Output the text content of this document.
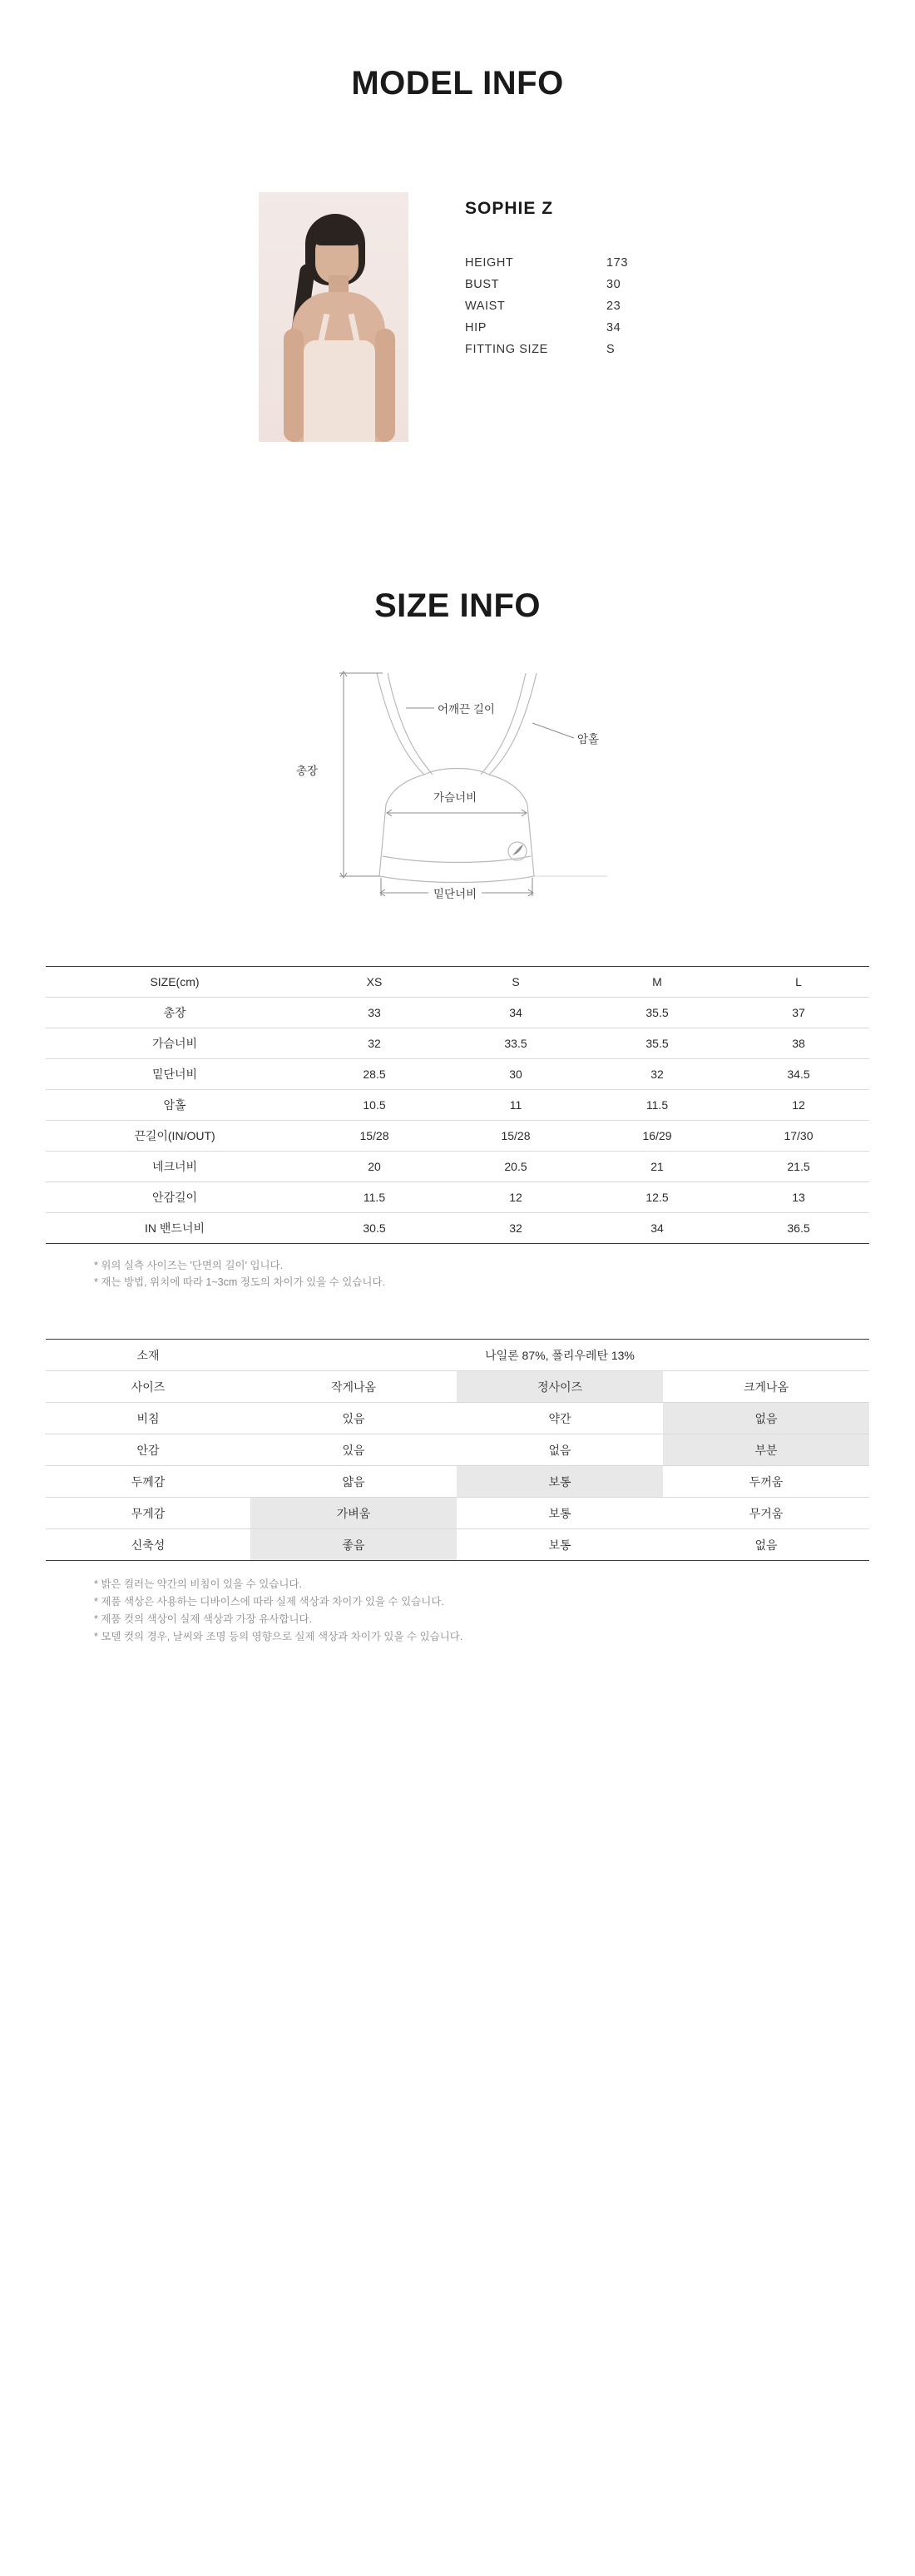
MODEL INFO
SOPHIE Z
HEIGHT	173
BUST	30
WAIST	23
HIP	34
FITTING SIZE	S
SIZE INFO
어깨끈 길이
암홀
총장
가슴너비
밑단너비
SIZE(cm)	XS	S	M	L
총장	33	34	35.5	37
가슴너비	32	33.5	35.5	38
밑단너비	28.5	30	32	34.5
암홀	10.5	11	11.5	12
끈길이(IN/OUT)	15/28	15/28	16/29	17/30
네크너비	20	20.5	21	21.5
안감길이	11.5	12	12.5	13
IN 밴드너비	30.5	32	34	36.5
* 위의 실측 사이즈는 '단면의 길이' 입니다.
* 재는 방법, 위치에 따라 1~3cm 정도의 차이가 있을 수 있습니다.
소재	나일론 87%, 폴리우레탄 13%		
사이즈	작게나옴	정사이즈	크게나옴
비침	있음	약간	없음
안감	있음	없음	부분
두께감	얇음	보통	두꺼움
무게감	가벼움	보통	무거움
신축성	좋음	보통	없음
* 밝은 컬러는 약간의 비침이 있을 수 있습니다.
* 제품 색상은 사용하는 디바이스에 따라 실제 색상과 차이가 있을 수 있습니다.
* 제품 컷의 색상이 실제 색상과 가장 유사합니다.
* 모델 컷의 경우, 날씨와 조명 등의 영향으로 실제 색상과 차이가 있을 수 있습니다.
